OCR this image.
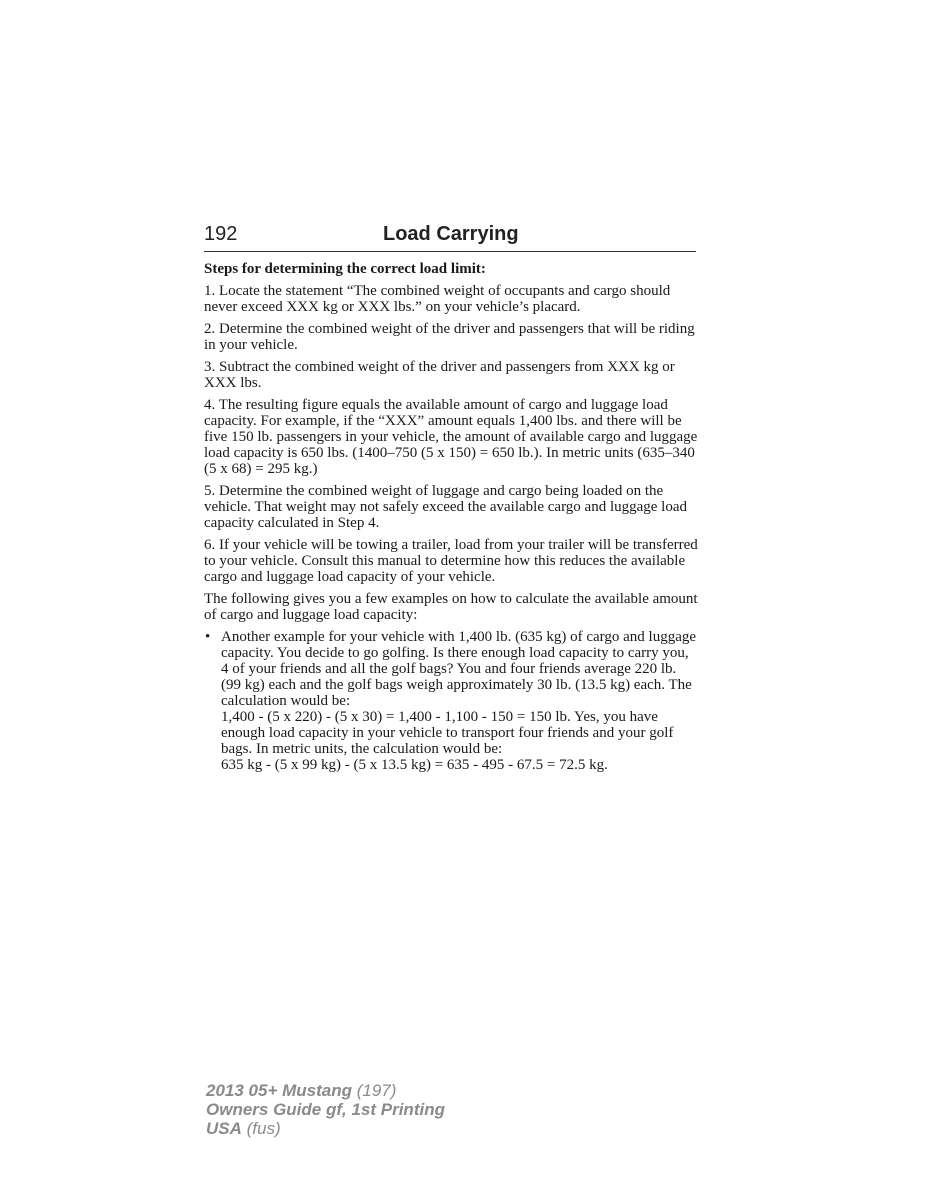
192	Load Carrying

Steps for determining the correct load limit:

1. Locate the statement “The combined weight of occupants and cargo should never exceed XXX kg or XXX lbs.” on your vehicle’s placard.

2. Determine the combined weight of the driver and passengers that will be riding in your vehicle.

3. Subtract the combined weight of the driver and passengers from XXX kg or XXX lbs.

4. The resulting figure equals the available amount of cargo and luggage load capacity. For example, if the “XXX” amount equals 1,400 lbs. and there will be five 150 lb. passengers in your vehicle, the amount of available cargo and luggage load capacity is 650 lbs. (1400–750 (5 x 150) = 650 lb.). In metric units (635–340 (5 x 68) = 295 kg.)

5. Determine the combined weight of luggage and cargo being loaded on the vehicle. That weight may not safely exceed the available cargo and luggage load capacity calculated in Step 4.

6. If your vehicle will be towing a trailer, load from your trailer will be transferred to your vehicle. Consult this manual to determine how this reduces the available cargo and luggage load capacity of your vehicle.

The following gives you a few examples on how to calculate the available amount of cargo and luggage load capacity:

• Another example for your vehicle with 1,400 lb. (635 kg) of cargo and luggage capacity. You decide to go golfing. Is there enough load capacity to carry you, 4 of your friends and all the golf bags? You and four friends average 220 lb. (99 kg) each and the golf bags weigh approximately 30 lb. (13.5 kg) each. The calculation would be:
1,400 - (5 x 220) - (5 x 30) = 1,400 - 1,100 - 150 = 150 lb. Yes, you have enough load capacity in your vehicle to transport four friends and your golf bags. In metric units, the calculation would be:
635 kg - (5 x 99 kg) - (5 x 13.5 kg) = 635 - 495 - 67.5 = 72.5 kg.
2013 05+ Mustang (197)
Owners Guide gf, 1st Printing
USA (fus)
